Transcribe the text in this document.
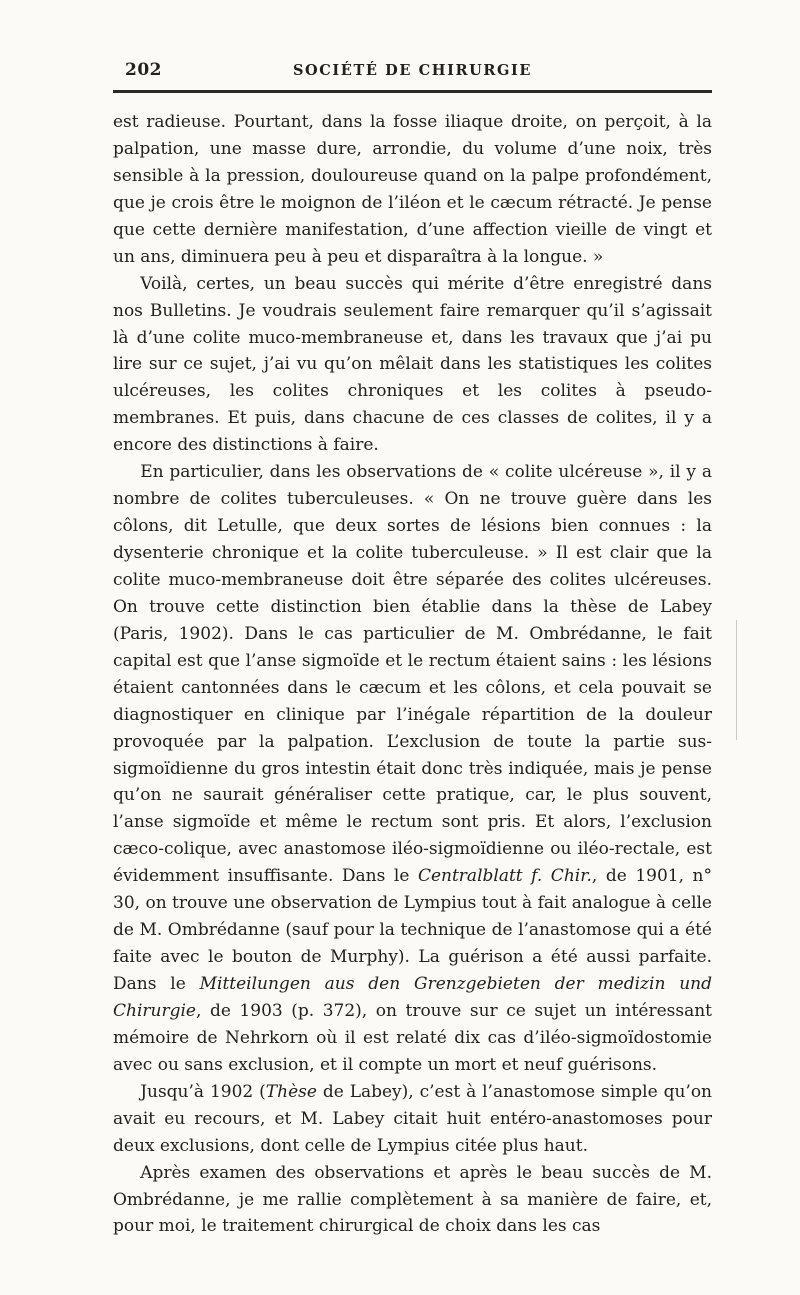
202	SOCIÉTÉ DE CHIRURGIE

est radieuse. Pourtant, dans la fosse iliaque droite, on perçoit, à la palpation, une masse dure, arrondie, du volume d’une noix, très sensible à la pression, douloureuse quand on la palpe profondément, que je crois être le moignon de l’iléon et le cæcum rétracté. Je pense que cette dernière manifestation, d’une affection vieille de vingt et un ans, diminuera peu à peu et disparaîtra à la longue. »

Voilà, certes, un beau succès qui mérite d’être enregistré dans nos Bulletins. Je voudrais seulement faire remarquer qu’il s’agissait là d’une colite muco-membraneuse et, dans les travaux que j’ai pu lire sur ce sujet, j’ai vu qu’on mêlait dans les statistiques les colites ulcéreuses, les colites chroniques et les colites à pseudo-membranes. Et puis, dans chacune de ces classes de colites, il y a encore des distinctions à faire.

En particulier, dans les observations de « colite ulcéreuse », il y a nombre de colites tuberculeuses. « On ne trouve guère dans les côlons, dit Letulle, que deux sortes de lésions bien connues : la dysenterie chronique et la colite tuberculeuse. » Il est clair que la colite muco-membraneuse doit être séparée des colites ulcéreuses. On trouve cette distinction bien établie dans la thèse de Labey (Paris, 1902). Dans le cas particulier de M. Ombrédanne, le fait capital est que l’anse sigmoïde et le rectum étaient sains : les lésions étaient cantonnées dans le cæcum et les côlons, et cela pouvait se diagnostiquer en clinique par l’inégale répartition de la douleur provoquée par la palpation. L’exclusion de toute la partie sus-sigmoïdienne du gros intestin était donc très indiquée, mais je pense qu’on ne saurait généraliser cette pratique, car, le plus souvent, l’anse sigmoïde et même le rectum sont pris. Et alors, l’exclusion cæco-colique, avec anastomose iléo-sigmoïdienne ou iléo-rectale, est évidemment insuffisante. Dans le Centralblatt f. Chir., de 1901, n° 30, on trouve une observation de Lympius tout à fait analogue à celle de M. Ombrédanne (sauf pour la technique de l’anastomose qui a été faite avec le bouton de Murphy). La guérison a été aussi parfaite. Dans le Mitteilungen aus den Grenzgebieten der medizin und Chirurgie, de 1903 (p. 372), on trouve sur ce sujet un intéressant mémoire de Nehrkorn où il est relaté dix cas d’iléo-sigmoïdostomie avec ou sans exclusion, et il compte un mort et neuf guérisons.

Jusqu’à 1902 (Thèse de Labey), c’est à l’anastomose simple qu’on avait eu recours, et M. Labey citait huit entéro-anastomoses pour deux exclusions, dont celle de Lympius citée plus haut.

Après examen des observations et après le beau succès de M. Ombrédanne, je me rallie complètement à sa manière de faire, et, pour moi, le traitement chirurgical de choix dans les cas
